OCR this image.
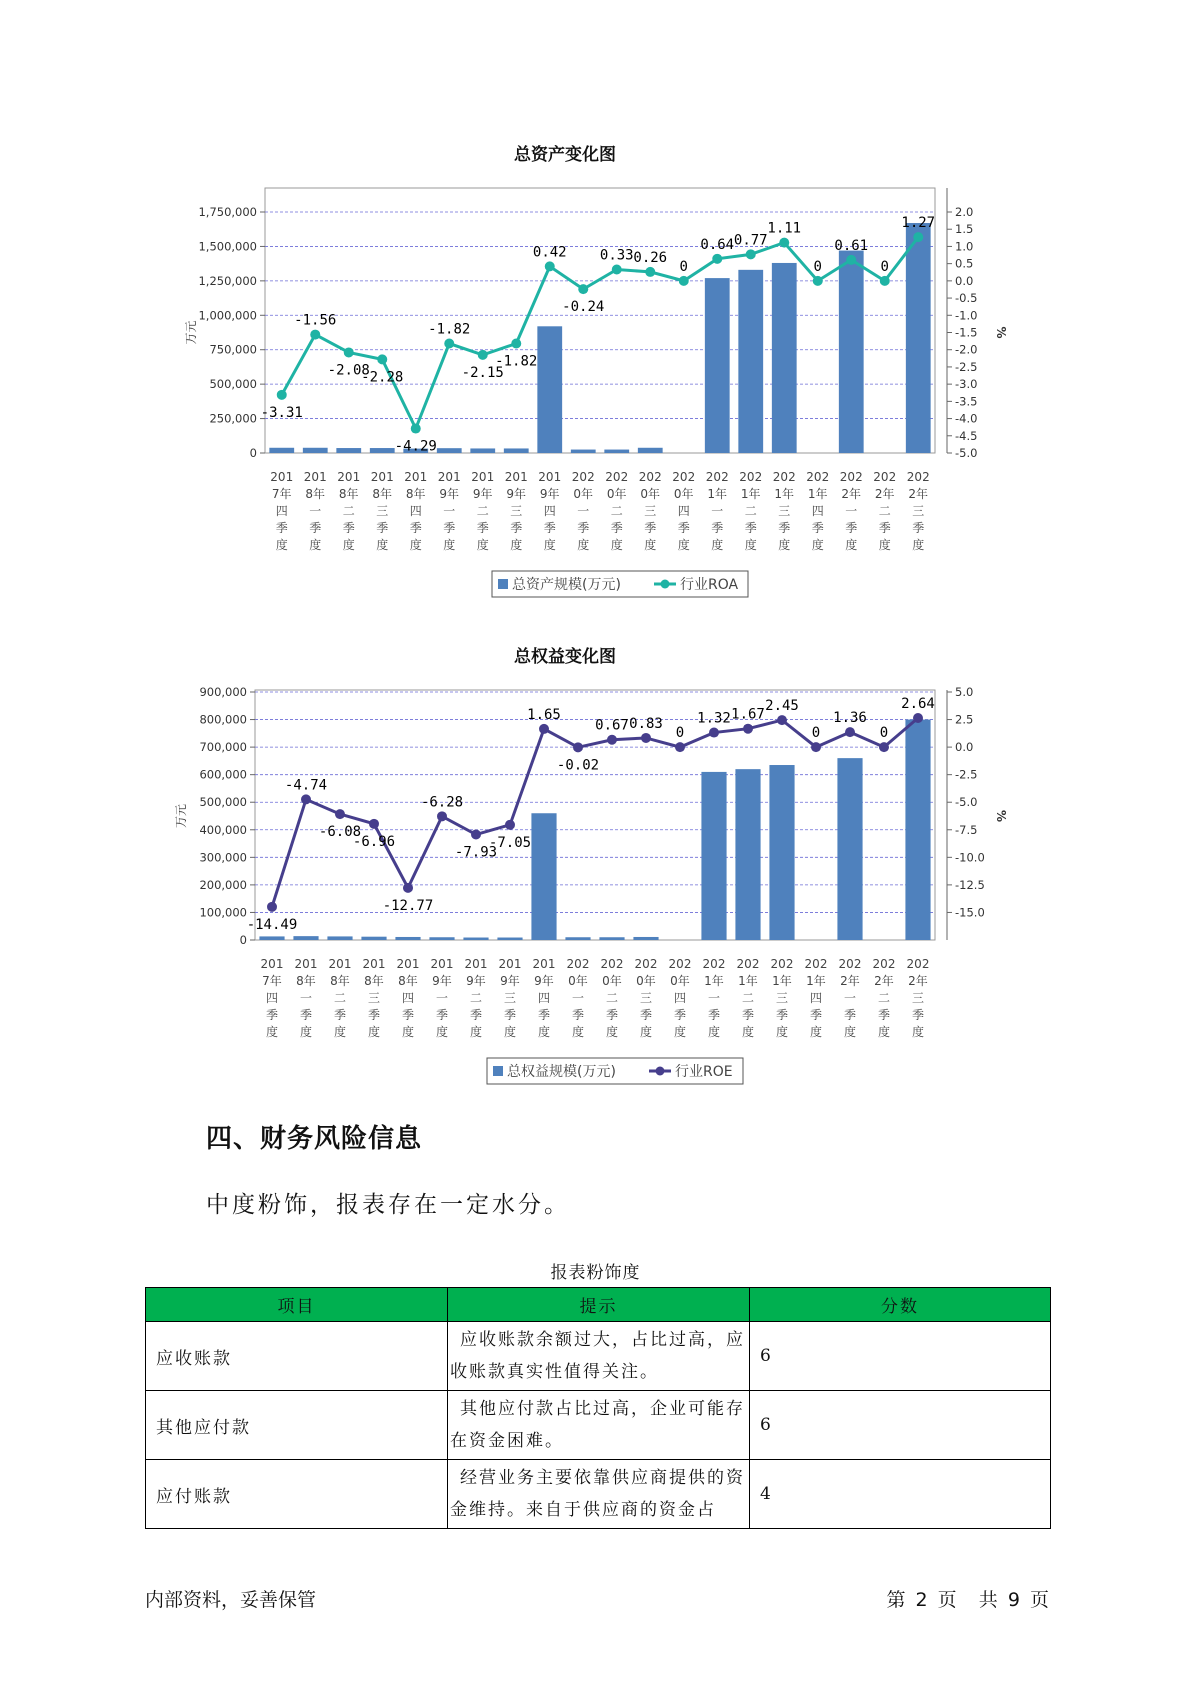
总资产变化图
0
250,000
500,000
750,000
1,000,000
1,250,000
1,500,000
1,750,000	2.0
1.5
1.0
0.5
0.0
-0.5
-1.0
-1.5
-2.0
-2.5
-3.0
-3.5
-4.0
-4.5
-5.0
万元	%
-3.31
-1.56
-2.08
-2.28
-4.29
-1.82
-2.15
-1.82
0.42
-0.24
0.33 0.26
0
0.64 0.77
1.11
0
0.61
0
1.27
201
7年
四
季
度
201
8年
一
季
度
201
8年
二
季
度
201
8年
三
季
度
201
8年
四
季
度
201
9年
一
季
度
201
9年
二
季
度
201
9年
三
季
度
201
9年
四
季
度
202
0年
一
季
度
202
0年
二
季
度
202
0年
三
季
度
202
0年
四
季
度
202
1年
一
季
度
202
1年
二
季
度
202
1年
三
季
度
202
1年
四
季
度
202
2年
一
季
度
202
2年
二
季
度
202
2年
三
季
度
总资产规模(万元)	行业ROA
总权益变化图
0
100,000
200,000
300,000
400,000
500,000
600,000
700,000
800,000
900,000	5.0
2.5
0.0
-2.5
-5.0
-7.5
-10.0
-12.5
-15.0
万元	%
-14.49
-4.74
-6.08
-6.96
-12.77
-6.28
-7.93
-7.05
1.65
-0.02
0.67 0.83
0
1.32 1.67
2.45
0
1.36
0
2.64
201
7年
四
季
度
201
8年
一
季
度
201
8年
二
季
度
201
8年
三
季
度
201
8年
四
季
度
201
9年
一
季
度
201
9年
二
季
度
201
9年
三
季
度
201
9年
四
季
度
202
0年
一
季
度
202
0年
二
季
度
202
0年
三
季
度
202
0年
四
季
度
202
1年
一
季
度
202
1年
二
季
度
202
1年
三
季
度
202
1年
四
季
度
202
2年
一
季
度
202
2年
二
季
度
202
2年
三
季
度
总权益规模(万元)	行业ROE
四、财务风险信息
中度粉饰，报表存在一定水分。
报表粉饰度
项目	提示	分数
应收账款	应收账款余额过大，占比过高，应收账款真实性值得关注。	6
其他应付款	其他应付款占比过高，企业可能存在资金困难。	6
应付账款	经营业务主要依靠供应商提供的资金维持。来自于供应商的资金占	4
内部资料，妥善保管	第 2 页 共 9 页
